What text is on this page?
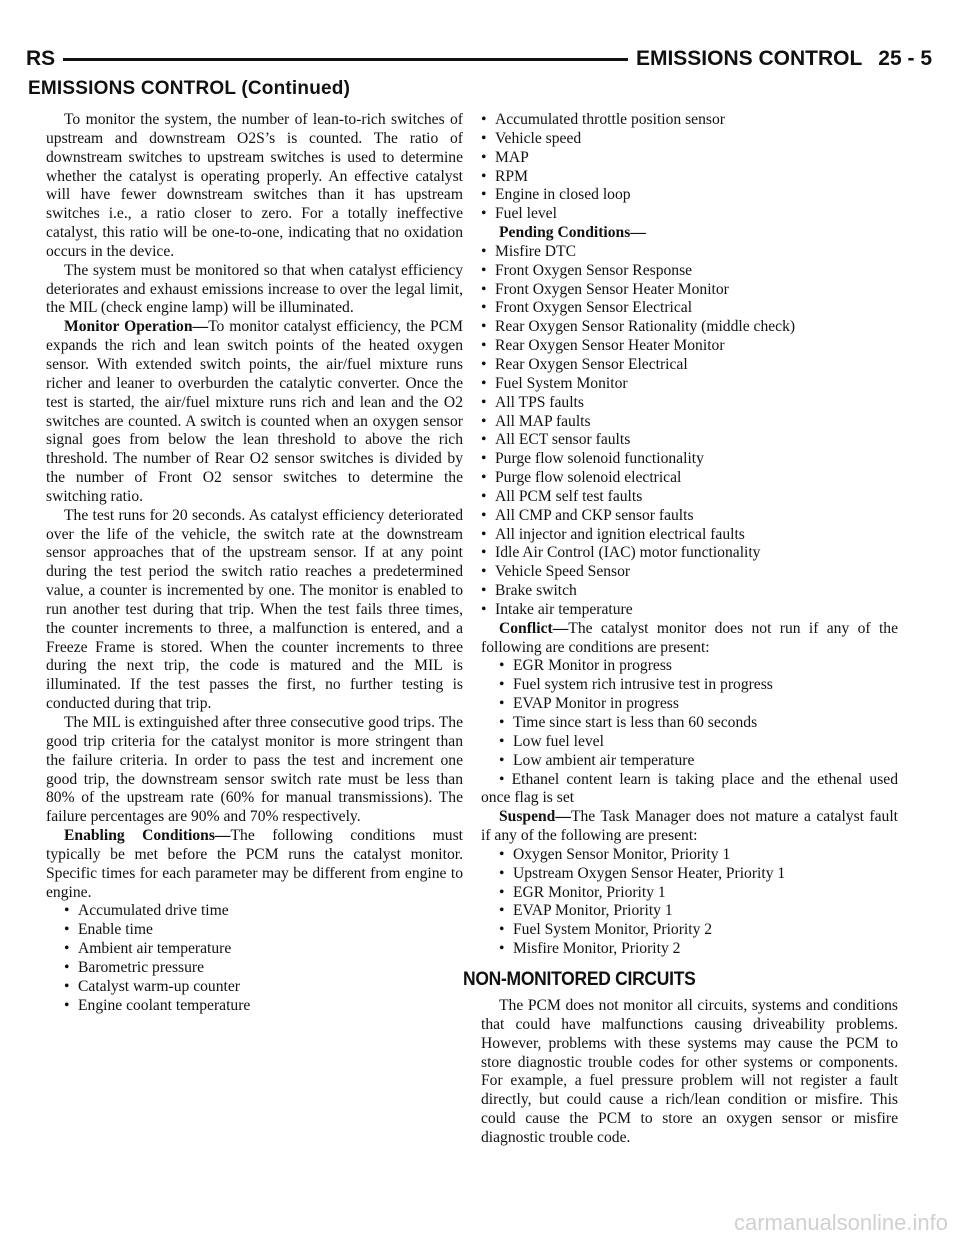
RS	EMISSIONS CONTROL 25 - 5
EMISSIONS CONTROL (Continued)

To monitor the system, the number of lean-to-rich switches of upstream and downstream O2S’s is counted. The ratio of downstream switches to upstream switches is used to determine whether the catalyst is operating properly. An effective catalyst will have fewer downstream switches than it has upstream switches i.e., a ratio closer to zero. For a totally ineffective catalyst, this ratio will be one-to-one, indicating that no oxidation occurs in the device.

The system must be monitored so that when catalyst efficiency deteriorates and exhaust emissions increase to over the legal limit, the MIL (check engine lamp) will be illuminated.

Monitor Operation—To monitor catalyst efficiency, the PCM expands the rich and lean switch points of the heated oxygen sensor. With extended switch points, the air/fuel mixture runs richer and leaner to overburden the catalytic converter. Once the test is started, the air/fuel mixture runs rich and lean and the O2 switches are counted. A switch is counted when an oxygen sensor signal goes from below the lean threshold to above the rich threshold. The number of Rear O2 sensor switches is divided by the number of Front O2 sensor switches to determine the switching ratio.

The test runs for 20 seconds. As catalyst efficiency deteriorated over the life of the vehicle, the switch rate at the downstream sensor approaches that of the upstream sensor. If at any point during the test period the switch ratio reaches a predetermined value, a counter is incremented by one. The monitor is enabled to run another test during that trip. When the test fails three times, the counter increments to three, a malfunction is entered, and a Freeze Frame is stored. When the counter increments to three during the next trip, the code is matured and the MIL is illuminated. If the test passes the first, no further testing is conducted during that trip.

The MIL is extinguished after three consecutive good trips. The good trip criteria for the catalyst monitor is more stringent than the failure criteria. In order to pass the test and increment one good trip, the downstream sensor switch rate must be less than 80% of the upstream rate (60% for manual transmissions). The failure percentages are 90% and 70% respectively.

Enabling Conditions—The following conditions must typically be met before the PCM runs the catalyst monitor. Specific times for each parameter may be different from engine to engine.

• Accumulated drive time
• Enable time
• Ambient air temperature
• Barometric pressure
• Catalyst warm-up counter
• Engine coolant temperature
• Accumulated throttle position sensor
• Vehicle speed
• MAP
• RPM
• Engine in closed loop
• Fuel level

Pending Conditions—

• Misfire DTC
• Front Oxygen Sensor Response
• Front Oxygen Sensor Heater Monitor
• Front Oxygen Sensor Electrical
• Rear Oxygen Sensor Rationality (middle check)
• Rear Oxygen Sensor Heater Monitor
• Rear Oxygen Sensor Electrical
• Fuel System Monitor
• All TPS faults
• All MAP faults
• All ECT sensor faults
• Purge flow solenoid functionality
• Purge flow solenoid electrical
• All PCM self test faults
• All CMP and CKP sensor faults
• All injector and ignition electrical faults
• Idle Air Control (IAC) motor functionality
• Vehicle Speed Sensor
• Brake switch
• Intake air temperature

Conflict—The catalyst monitor does not run if any of the following are conditions are present:

• EGR Monitor in progress
• Fuel system rich intrusive test in progress
• EVAP Monitor in progress
• Time since start is less than 60 seconds
• Low fuel level
• Low ambient air temperature

• Ethanel content learn is taking place and the ethenal used once flag is set

Suspend—The Task Manager does not mature a catalyst fault if any of the following are present:

• Oxygen Sensor Monitor, Priority 1
• Upstream Oxygen Sensor Heater, Priority 1
• EGR Monitor, Priority 1
• EVAP Monitor, Priority 1
• Fuel System Monitor, Priority 2
• Misfire Monitor, Priority 2
NON-MONITORED CIRCUITS

The PCM does not monitor all circuits, systems and conditions that could have malfunctions causing driveability problems. However, problems with these systems may cause the PCM to store diagnostic trouble codes for other systems or components. For example, a fuel pressure problem will not register a fault directly, but could cause a rich/lean condition or misfire. This could cause the PCM to store an oxygen sensor or misfire diagnostic trouble code.

carmanualsonline.info
